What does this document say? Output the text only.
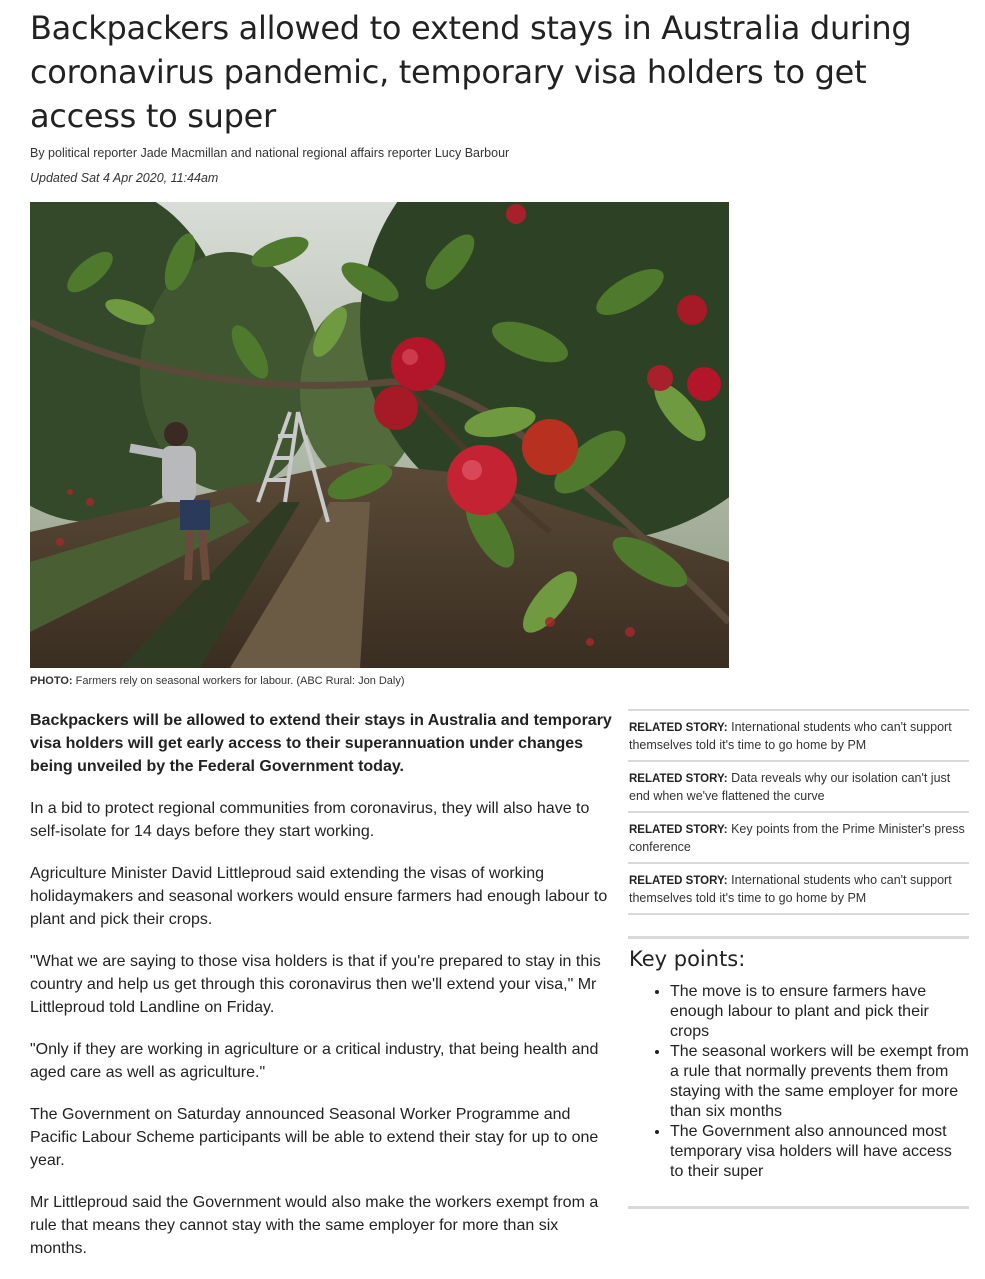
Backpackers allowed to extend stays in Australia during coronavirus pandemic, temporary visa holders to get access to super

By political reporter Jade Macmillan and national regional affairs reporter Lucy Barbour

Updated Sat 4 Apr 2020, 11:44am

PHOTO: Farmers rely on seasonal workers for labour. (ABC Rural: Jon Daly)

Backpackers will be allowed to extend their stays in Australia and temporary visa holders will get early access to their superannuation under changes being unveiled by the Federal Government today.

In a bid to protect regional communities from coronavirus, they will also have to self-isolate for 14 days before they start working.

Agriculture Minister David Littleproud said extending the visas of working holidaymakers and seasonal workers would ensure farmers had enough labour to plant and pick their crops.

"What we are saying to those visa holders is that if you're prepared to stay in this country and help us get through this coronavirus then we'll extend your visa," Mr Littleproud told Landline on Friday.

"Only if they are working in agriculture or a critical industry, that being health and aged care as well as agriculture."

The Government on Saturday announced Seasonal Worker Programme and Pacific Labour Scheme participants will be able to extend their stay for up to one year.

Mr Littleproud said the Government would also make the workers exempt from a rule that means they cannot stay with the same employer for more than six months.

RELATED STORY: International students who can't support themselves told it's time to go home by PM
RELATED STORY: Data reveals why our isolation can't just end when we've flattened the curve
RELATED STORY: Key points from the Prime Minister's press conference
RELATED STORY: International students who can't support themselves told it's time to go home by PM
Key points:
• The move is to ensure farmers have enough labour to plant and pick their crops
• The seasonal workers will be exempt from a rule that normally prevents them from staying with the same employer for more than six months
• The Government also announced most temporary visa holders will have access to their super
